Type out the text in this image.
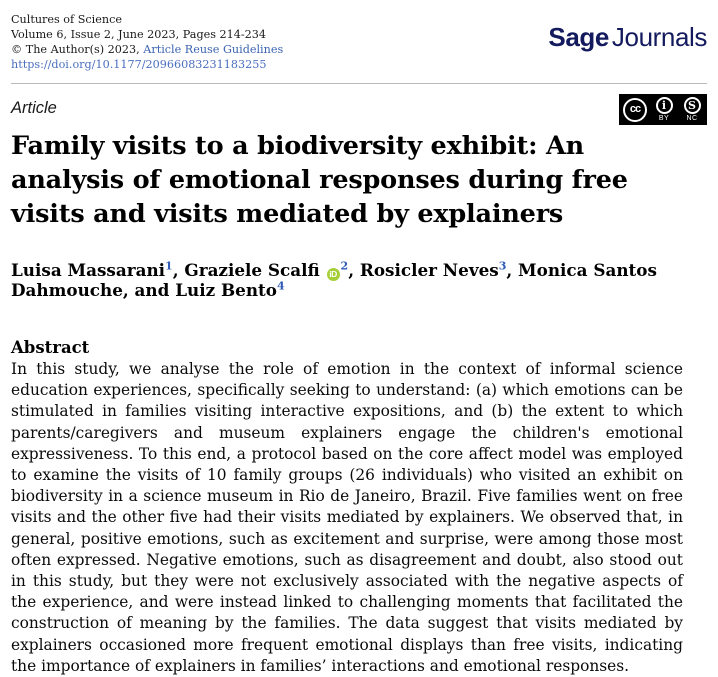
Cultures of Science
Volume 6, Issue 2, June 2023, Pages 214-234
© The Author(s) 2023, Article Reuse Guidelines
https://doi.org/10.1177/20966083231183255
Sage Journals
Article	cc	i
BY
S
NC
Family visits to a biodiversity exhibit: An analysis of emotional responses during free visits and visits mediated by explainers
Luisa Massarani$^1$, Graziele Scalfi $iD^2$, Rosicler Neves$^3$, Monica Santos Dahmouche, and Luiz Bento$^4$
Abstract
In this study, we analyse the role of emotion in the context of informal science education experiences, specifically seeking to understand: (a) which emotions can be stimulated in families visiting interactive expositions, and (b) the extent to which parents/caregivers and museum explainers engage the children's emotional expressiveness. To this end, a protocol based on the core affect model was employed to examine the visits of 10 family groups (26 individuals) who visited an exhibit on biodiversity in a science museum in Rio de Janeiro, Brazil. Five families went on free visits and the other five had their visits mediated by explainers. We observed that, in general, positive emotions, such as excitement and surprise, were among those most often expressed. Negative emotions, such as disagreement and doubt, also stood out in this study, but they were not exclusively associated with the negative aspects of the experience, and were instead linked to challenging moments that facilitated the construction of meaning by the families. The data suggest that visits mediated by explainers occasioned more frequent emotional displays than free visits, indicating the importance of explainers in families’ interactions and emotional responses.
